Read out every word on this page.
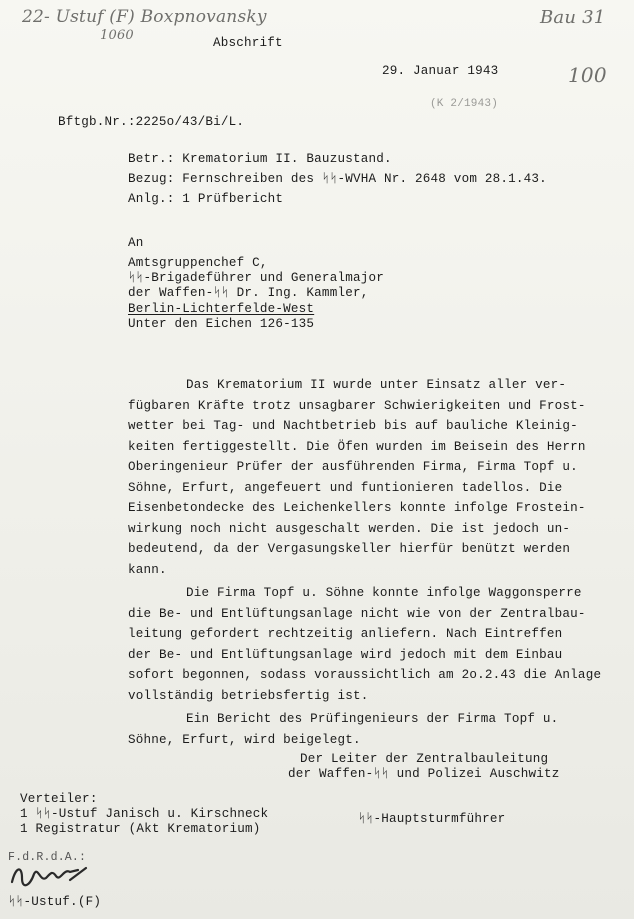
22- Ustuf (F) Boxpnovansky
1060	Abschrift
Bau 31
29. Januar 1943	100
(K 2/1943)
Bftgb.Nr.:2225o/43/Bi/L.
Betr.: Krematorium II. Bauzustand.
Bezug: Fernschreiben des ᛋᛋ-WVHA Nr. 2648 vom 28.1.43.
Anlg.: 1 Prüfbericht
An
Amtsgruppenchef C,
ᛋᛋ-Brigadeführer und Generalmajor
der Waffen-ᛋᛋ Dr. Ing. Kammler,
Berlin-Lichterfelde-West
Unter den Eichen 126-135
Das Krematorium II wurde unter Einsatz aller ver-
fügbaren Kräfte trotz unsagbarer Schwierigkeiten und Frost-
wetter bei Tag- und Nachtbetrieb bis auf bauliche Kleinig-
keiten fertiggestellt. Die Öfen wurden im Beisein des Herrn
Oberingenieur Prüfer der ausführenden Firma, Firma Topf u.
Söhne, Erfurt, angefeuert und funtionieren tadellos. Die
Eisenbetondecke des Leichenkellers konnte infolge Frostein-
wirkung noch nicht ausgeschalt werden. Die ist jedoch un-
bedeutend, da der Vergasungskeller hierfür benützt werden
kann.
Die Firma Topf u. Söhne konnte infolge Waggonsperre
die Be- und Entlüftungsanlage nicht wie von der Zentralbau-
leitung gefordert rechtzeitig anliefern. Nach Eintreffen
der Be- und Entlüftungsanlage wird jedoch mit dem Einbau
sofort begonnen, sodass voraussichtlich am 2o.2.43 die Anlage
vollständig betriebsfertig ist.
Ein Bericht des Prüfingenieurs der Firma Topf u.
Söhne, Erfurt, wird beigelegt.
Der Leiter der Zentralbauleitung
der Waffen-ᛋᛋ und Polizei Auschwitz
ᛋᛋ-Hauptsturmführer
Verteiler:
1 ᛋᛋ-Ustuf Janisch u. Kirschneck
1 Registratur (Akt Krematorium)
F.d.R.d.A.:
ᛋᛋ-Ustuf.(F)
